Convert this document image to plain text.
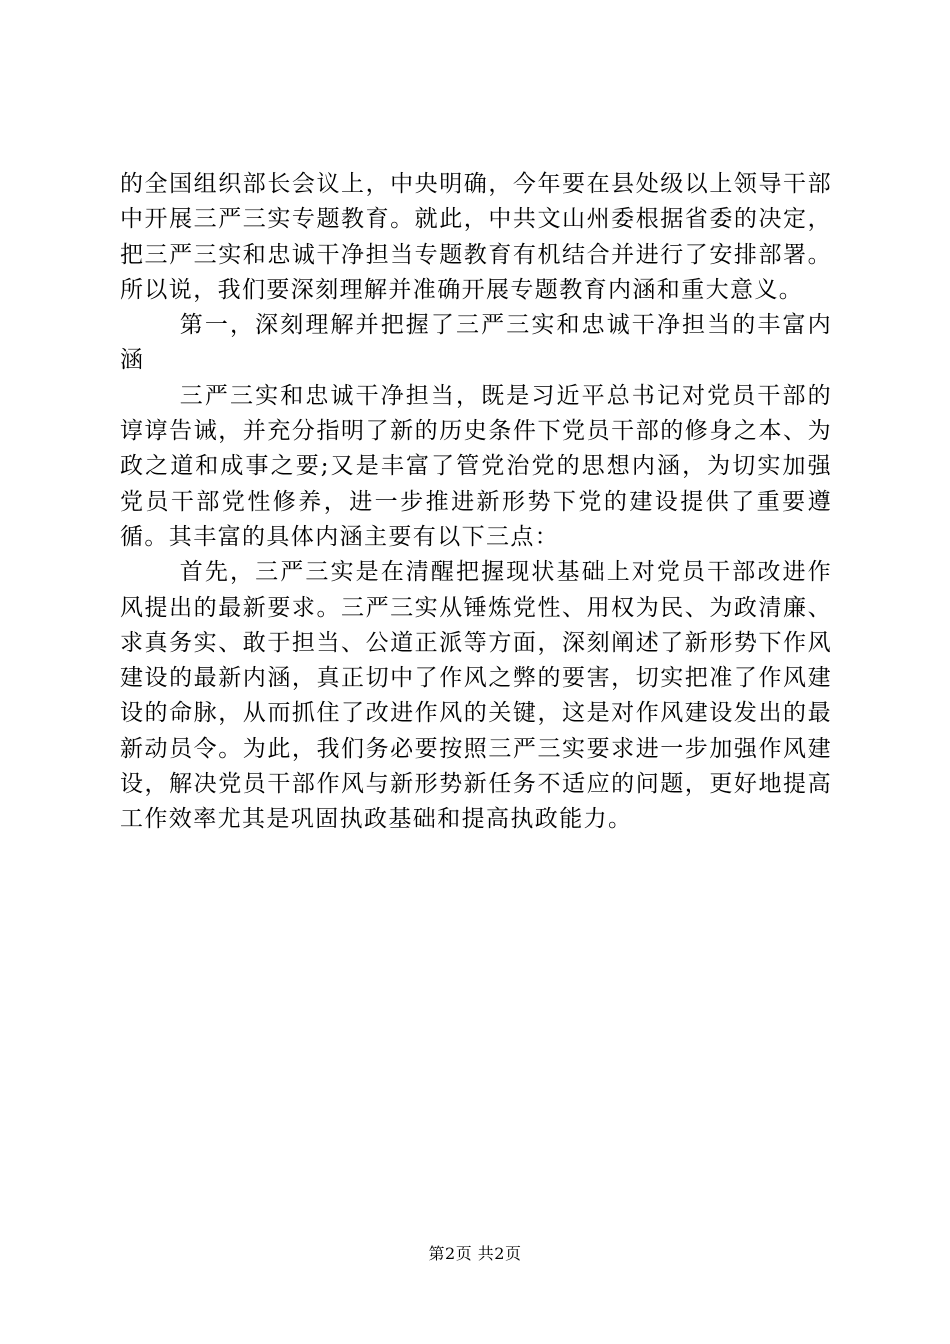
的全国组织部长会议上，中央明确，今年要在县处级以上领导干部中开展三严三实专题教育。就此，中共文山州委根据省委的决定，把三严三实和忠诚干净担当专题教育有机结合并进行了安排部署。所以说，我们要深刻理解并准确开展专题教育内涵和重大意义。

第一，深刻理解并把握了三严三实和忠诚干净担当的丰富内涵

三严三实和忠诚干净担当，既是习近平总书记对党员干部的谆谆告诫，并充分指明了新的历史条件下党员干部的修身之本、为政之道和成事之要;又是丰富了管党治党的思想内涵，为切实加强党员干部党性修养，进一步推进新形势下党的建设提供了重要遵循。其丰富的具体内涵主要有以下三点：

首先，三严三实是在清醒把握现状基础上对党员干部改进作风提出的最新要求。三严三实从锤炼党性、用权为民、为政清廉、求真务实、敢于担当、公道正派等方面，深刻阐述了新形势下作风建设的最新内涵，真正切中了作风之弊的要害，切实把准了作风建设的命脉，从而抓住了改进作风的关键，这是对作风建设发出的最新动员令。为此，我们务必要按照三严三实要求进一步加强作风建设，解决党员干部作风与新形势新任务不适应的问题，更好地提高工作效率尤其是巩固执政基础和提高执政能力。

第2页 共2页
